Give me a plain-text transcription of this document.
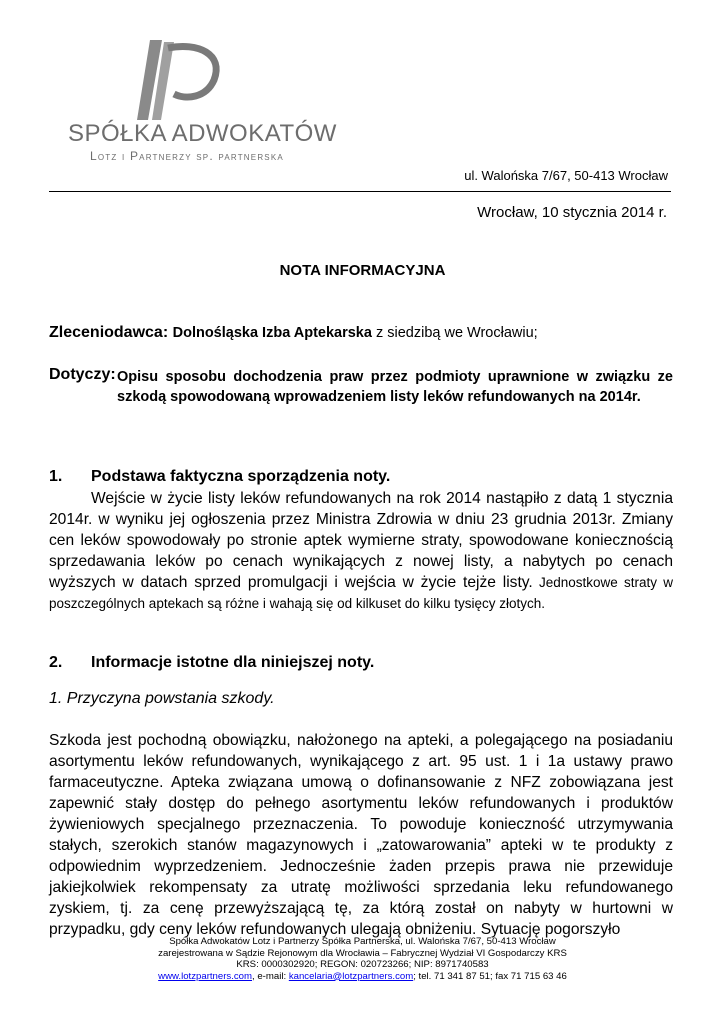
SPÓŁKA ADWOKATÓW
Lotz i Partnerzy sp. partnerska
ul. Walońska 7/67, 50-413 Wrocław
Wrocław, 10 stycznia 2014 r.
NOTA INFORMACYJNA
Zleceniodawca: Dolnośląska Izba Aptekarska z siedzibą we Wrocławiu;
Dotyczy: Opisu sposobu dochodzenia praw przez podmioty uprawnione w związku ze szkodą spowodowaną wprowadzeniem listy leków refundowanych na 2014r.
1. Podstawa faktyczna sporządzenia noty.

Wejście w życie listy leków refundowanych na rok 2014 nastąpiło z datą 1 stycznia 2014r. w wyniku jej ogłoszenia przez Ministra Zdrowia w dniu 23 grudnia 2013r. Zmiany cen leków spowodowały po stronie aptek wymierne straty, spowodowane koniecznością sprzedawania leków po cenach wynikających z nowej listy, a nabytych po cenach wyższych w datach sprzed promulgacji i wejścia w życie tejże listy. Jednostkowe straty w poszczególnych aptekach są różne i wahają się od kilkuset do kilku tysięcy złotych.

2. Informacje istotne dla niniejszej noty.
1. Przyczyna powstania szkody.

Szkoda jest pochodną obowiązku, nałożonego na apteki, a polegającego na posiadaniu asortymentu leków refundowanych, wynikającego z art. 95 ust. 1 i 1a ustawy prawo farmaceutyczne. Apteka związana umową o dofinansowanie z NFZ zobowiązana jest zapewnić stały dostęp do pełnego asortymentu leków refundowanych i produktów żywieniowych specjalnego przeznaczenia. To powoduje konieczność utrzymywania stałych, szerokich stanów magazynowych i „zatowarowania” apteki w te produkty z odpowiednim wyprzedzeniem. Jednocześnie żaden przepis prawa nie przewiduje jakiejkolwiek rekompensaty za utratę możliwości sprzedania leku refundowanego zyskiem, tj. za cenę przewyższającą tę, za którą został on nabyty w hurtowni w przypadku, gdy ceny leków refundowanych ulegają obniżeniu. Sytuację pogorszyło

Spółka Adwokatów Lotz i Partnerzy Spółka Partnerska, ul. Walońska 7/67, 50-413 Wrocław
zarejestrowana w Sądzie Rejonowym dla Wrocławia – Fabrycznej Wydział VI Gospodarczy KRS
KRS: 0000302920; REGON: 020723266; NIP: 8971740583
www.lotzpartners.com, e-mail: kancelaria@lotzpartners.com; tel. 71 341 87 51; fax 71 715 63 46
